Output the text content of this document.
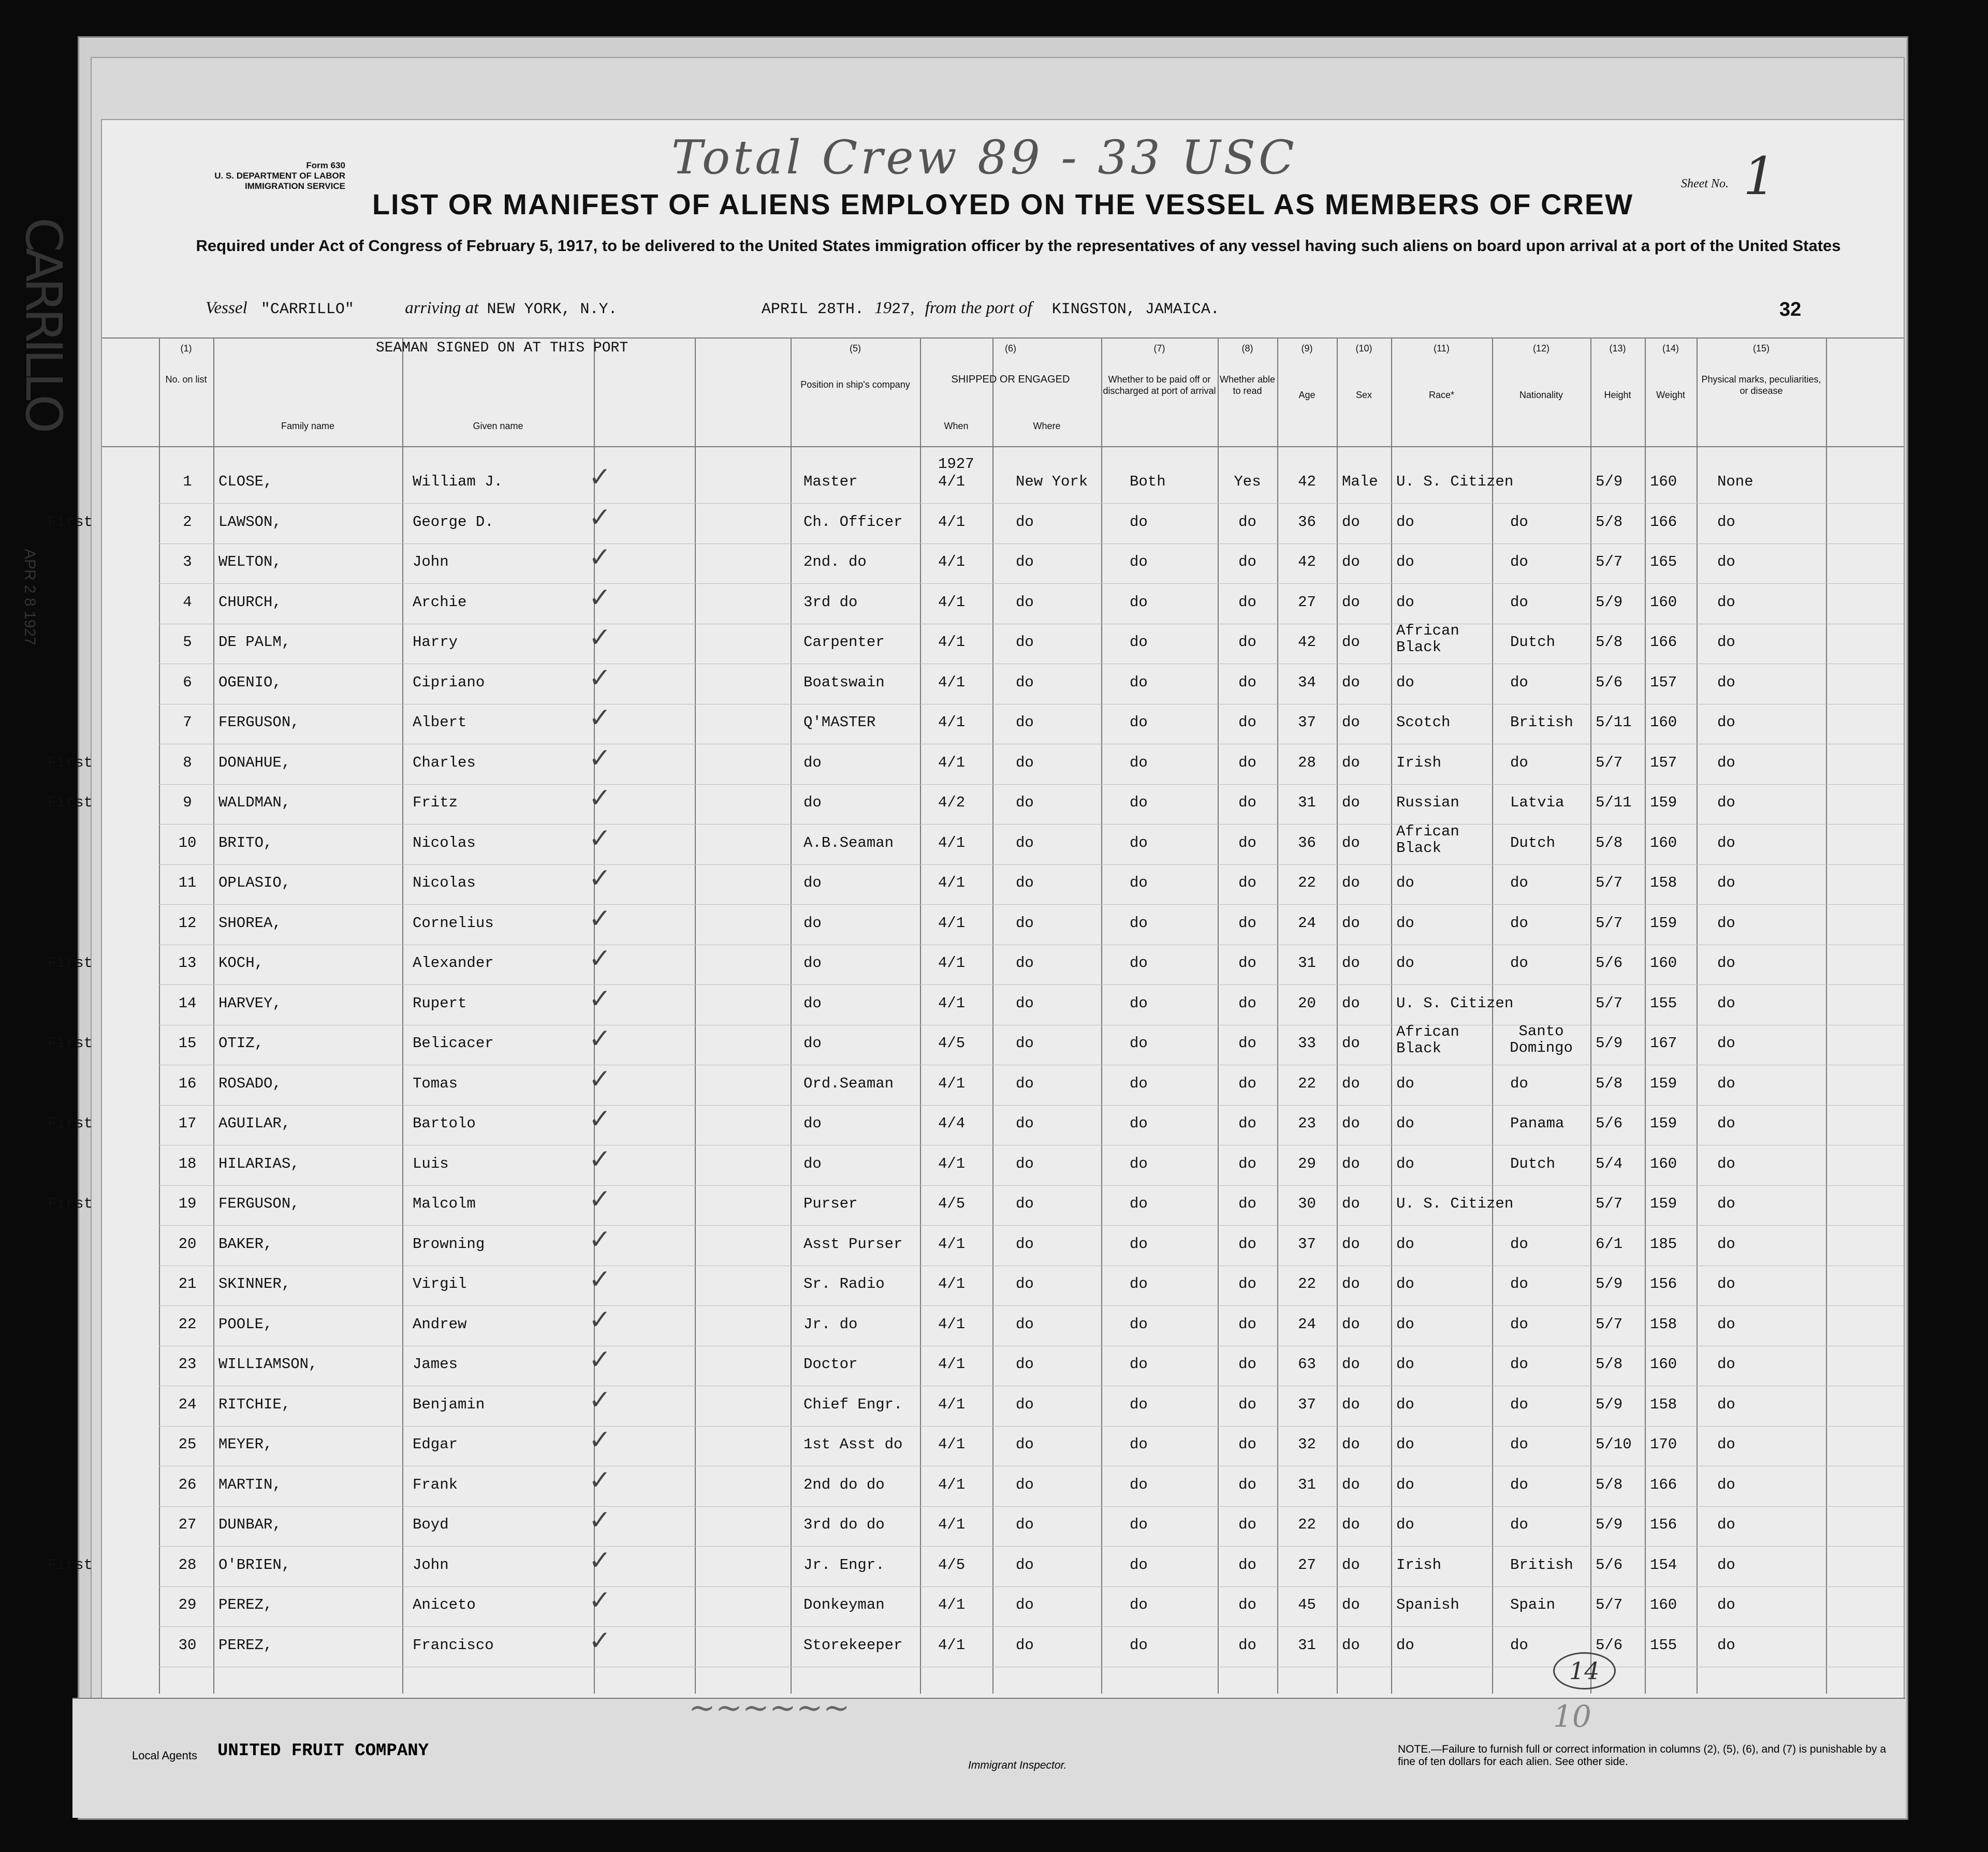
Total Crew 89 - 33 USC
Form 630
U. S. DEPARTMENT OF LABOR
IMMIGRATION SERVICE	Sheet No. 1
LIST OR MANIFEST OF ALIENS EMPLOYED ON THE VESSEL AS MEMBERS OF CREW
Required under Act of Congress of February 5, 1917, to be delivered to the United States immigration officer by the representatives of any vessel having such aliens on board upon arrival at a port of the United States
Vessel "CARRILLO"	arriving at NEW YORK, N.Y.	APRIL 28TH. 1927, from the port of KINGSTON, JAMAICA.	32
(1)
No. on list
SEAMAN SIGNED ON AT THIS PORT
Family name	Given name
(5)
Position in ship's company
(6)
SHIPPED OR ENGAGED
When	Where
(7)
Whether to be paid off or discharged at port of arrival
(8)
Whether able to read
(9)
Age
(10)
Sex
(11)
Race*
(12)
Nationality
(13)
Height
(14)
Weight
(15)
Physical marks, peculiarities, or disease
1927
1	CLOSE,	William J.	✓	Master	4/1	New York	Both	Yes	42	Male U. S. Citizen	5/9 160	None
First	2	LAWSON,	George D.	✓	Ch. Officer 4/1	do	do	do	36	do do	do	5/8 166	do
3	WELTON,	John	✓	2nd. do	4/1	do	do	do	42	do do	do	5/7 165	do
4	CHURCH,	Archie	✓	3rd do	4/1	do	do	do	27	do do	do	5/9 160	do
5	DE PALM,	Harry	✓	Carpenter	4/1	do	do	do	42	do
African
Black	Dutch	5/8 166	do
6	OGENIO,	Cipriano	✓	Boatswain	4/1	do	do	do	34	do do	do	5/6 157	do
7	FERGUSON,	Albert	✓	Q'MASTER	4/1	do	do	do	37	do Scotch	British 5/11 160	do
First	8	DONAHUE,	Charles	✓	do	4/1	do	do	do	28	do Irish	do	5/7 157	do
First	9	WALDMAN,	Fritz	✓	do	4/2	do	do	do	31	do Russian	Latvia 5/11 159	do
10	BRITO,	Nicolas	✓	A.B.Seaman	4/1	do	do	do	36	do
African
Black	Dutch	5/8 160	do
11	OPLASIO,	Nicolas	✓	do	4/1	do	do	do	22	do do	do	5/7 158	do
12	SHOREA,	Cornelius	✓	do	4/1	do	do	do	24	do do	do	5/7 159	do
First	13	KOCH,	Alexander	✓	do	4/1	do	do	do	31	do do	do	5/6 160	do
14	HARVEY,	Rupert	✓	do	4/1	do	do	do	20	do U. S. Citizen	5/7 155	do
First	15	OTIZ,	Belicacer	✓	do	4/5	do	do	do	33	do
African
Black
Santo Domingo	5/9 167	do
16	ROSADO,	Tomas	✓	Ord.Seaman	4/1	do	do	do	22	do do	do	5/8 159	do
First	17	AGUILAR,	Bartolo	✓	do	4/4	do	do	do	23	do do	Panama 5/6 159	do
18	HILARIAS,	Luis	✓	do	4/1	do	do	do	29	do do	Dutch	5/4 160	do
First	19	FERGUSON,	Malcolm	✓	Purser	4/5	do	do	do	30	do U. S. Citizen	5/7 159	do
20	BAKER,	Browning	✓	Asst Purser 4/1	do	do	do	37	do do	do	6/1 185	do
21	SKINNER,	Virgil	✓	Sr. Radio	4/1	do	do	do	22	do do	do	5/9 156	do
22	POOLE,	Andrew	✓	Jr. do	4/1	do	do	do	24	do do	do	5/7 158	do
23	WILLIAMSON,	James	✓	Doctor	4/1	do	do	do	63	do do	do	5/8 160	do
24	RITCHIE,	Benjamin	✓	Chief Engr. 4/1	do	do	do	37	do do	do	5/9 158	do
25	MEYER,	Edgar	✓	1st Asst do 4/1	do	do	do	32	do do	do	5/10 170	do
26	MARTIN,	Frank	✓	2nd do do	4/1	do	do	do	31	do do	do	5/8 166	do
27	DUNBAR,	Boyd	✓	3rd do do	4/1	do	do	do	22	do do	do	5/9 156	do
First	28	O'BRIEN,	John	✓	Jr. Engr.	4/5	do	do	do	27	do Irish	British 5/6 154	do
29	PEREZ,	Aniceto	✓	Donkeyman	4/1	do	do	do	45	do Spanish	Spain	5/7 160	do
30	PEREZ,	Francisco	✓	Storekeeper 4/1	do	do	do	31	do do	do	5/6 155	do
CARRILLO
APR 2 8 1927
~~~~~~
14
10
Local Agents UNITED FRUIT COMPANY
Immigrant Inspector.
NOTE.—Failure to furnish full or correct information in columns (2), (5), (6), and (7) is punishable by a fine of ten dollars for each alien. See other side.
